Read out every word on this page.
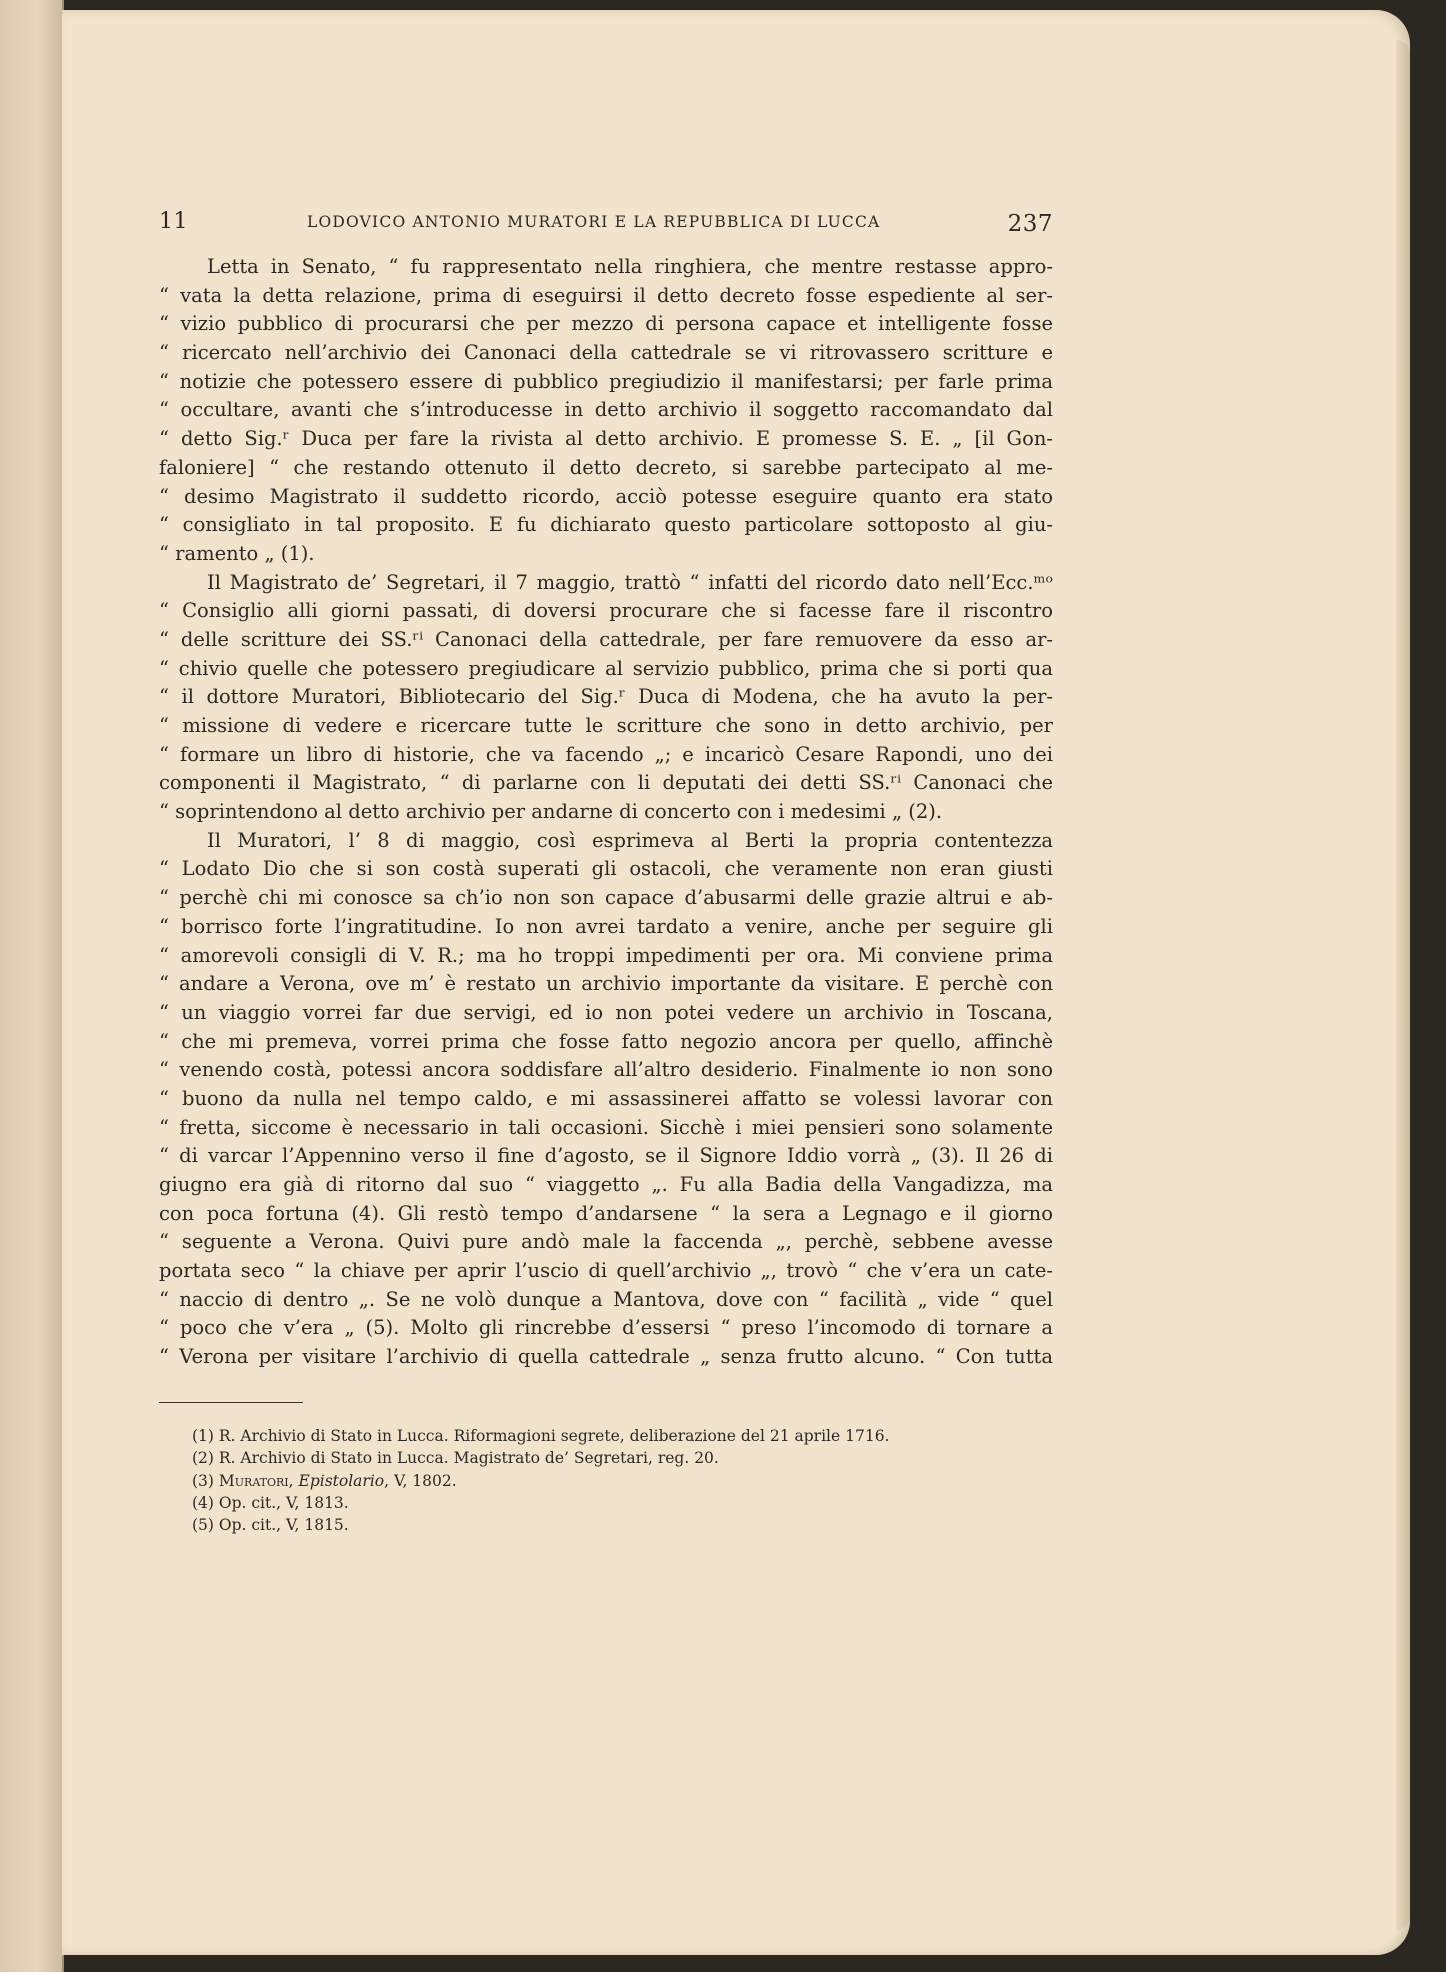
11	LODOVICO ANTONIO MURATORI E LA REPUBBLICA DI LUCCA	237
Letta in Senato, “ fu rappresentato nella ringhiera, che mentre restasse appro-
“ vata la detta relazione, prima di eseguirsi il detto decreto fosse espediente al ser-
“ vizio pubblico di procurarsi che per mezzo di persona capace et intelligente fosse
“ ricercato nell’archivio dei Canonaci della cattedrale se vi ritrovassero scritture e
“ notizie che potessero essere di pubblico pregiudizio il manifestarsi; per farle prima
“ occultare, avanti che s’introducesse in detto archivio il soggetto raccomandato dal
“ detto Sig.ʳ Duca per fare la rivista al detto archivio. E promesse S. E. „ [il Gon-
faloniere] “ che restando ottenuto il detto decreto, si sarebbe partecipato al me-
“ desimo Magistrato il suddetto ricordo, acciò potesse eseguire quanto era stato
“ consigliato in tal proposito. E fu dichiarato questo particolare sottoposto al giu-
“ ramento „ (1).
Il Magistrato de’ Segretari, il 7 maggio, trattò “ infatti del ricordo dato nell’Ecc.ᵐᵒ
“ Consiglio alli giorni passati, di doversi procurare che si facesse fare il riscontro
“ delle scritture dei SS.ʳⁱ Canonaci della cattedrale, per fare remuovere da esso ar-
“ chivio quelle che potessero pregiudicare al servizio pubblico, prima che si porti qua
“ il dottore Muratori, Bibliotecario del Sig.ʳ Duca di Modena, che ha avuto la per-
“ missione di vedere e ricercare tutte le scritture che sono in detto archivio, per
“ formare un libro di historie, che va facendo „; e incaricò Cesare Rapondi, uno dei
componenti il Magistrato, “ di parlarne con li deputati dei detti SS.ʳⁱ Canonaci che
“ soprintendono al detto archivio per andarne di concerto con i medesimi „ (2).
Il Muratori, l’ 8 di maggio, così esprimeva al Berti la propria contentezza
“ Lodato Dio che si son costà superati gli ostacoli, che veramente non eran giusti
“ perchè chi mi conosce sa ch’io non son capace d’abusarmi delle grazie altrui e ab-
“ borrisco forte l’ingratitudine. Io non avrei tardato a venire, anche per seguire gli
“ amorevoli consigli di V. R.; ma ho troppi impedimenti per ora. Mi conviene prima
“ andare a Verona, ove m’ è restato un archivio importante da visitare. E perchè con
“ un viaggio vorrei far due servigi, ed io non potei vedere un archivio in Toscana,
“ che mi premeva, vorrei prima che fosse fatto negozio ancora per quello, affinchè
“ venendo costà, potessi ancora soddisfare all’altro desiderio. Finalmente io non sono
“ buono da nulla nel tempo caldo, e mi assassinerei affatto se volessi lavorar con
“ fretta, siccome è necessario in tali occasioni. Sicchè i miei pensieri sono solamente
“ di varcar l’Appennino verso il fine d’agosto, se il Signore Iddio vorrà „ (3). Il 26 di
giugno era già di ritorno dal suo “ viaggetto „. Fu alla Badia della Vangadizza, ma
con poca fortuna (4). Gli restò tempo d’andarsene “ la sera a Legnago e il giorno
“ seguente a Verona. Quivi pure andò male la faccenda „, perchè, sebbene avesse
portata seco “ la chiave per aprir l’uscio di quell’archivio „, trovò “ che v’era un cate-
“ naccio di dentro „. Se ne volò dunque a Mantova, dove con “ facilità „ vide “ quel
“ poco che v’era „ (5). Molto gli rincrebbe d’essersi “ preso l’incomodo di tornare a
“ Verona per visitare l’archivio di quella cattedrale „ senza frutto alcuno. “ Con tutta
(1) R. Archivio di Stato in Lucca. Riformagioni segrete, deliberazione del 21 aprile 1716.
(2) R. Archivio di Stato in Lucca. Magistrato de’ Segretari, reg. 20.
(3) Muratori, Epistolario, V, 1802.
(4) Op. cit., V, 1813.
(5) Op. cit., V, 1815.
